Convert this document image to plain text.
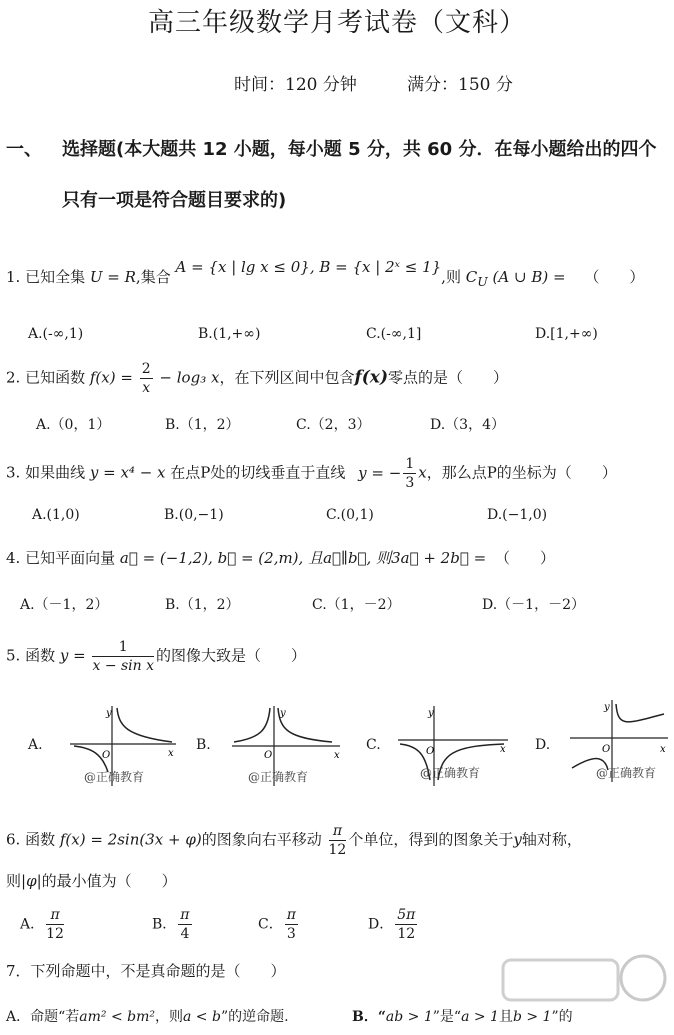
高三年级数学月考试卷（文科）
时间：120 分钟	满分：150 分
一、 选择题(本大题共 12 小题，每小题 5 分，共 60 分．在每小题给出的四个
只有一项是符合题目要求的)
1. 已知全集 U = R,集合 A = {x | lg x ≤ 0}, B = {x | 2ˣ ≤ 1},则 $C_U$ (A ∪ B) = （　　）
A.(-∞,1)	B.(1,+∞)	C.(-∞,1]	D.[1,+∞)
2. 已知函数 $f(x) = \frac{2}{x} - \log_3$ x，在下列区间中包含f(x)零点的是（　　）
A.（0，1）	B.（1，2）	C.（2，3）	D.（3，4）
3. 如果曲线 y = x⁴ − x 在点P处的切线垂直于直线 y = − $\frac{1}{3}$ x，那么点P的坐标为（　　）
A.(1,0)	B.(0,−1)	C.(0,1)	D.(−1,0)
4. 已知平面向量 a⃗ = (−1,2), b⃗ = (2,m), 且a⃗∥b⃗, 则3a⃗ + 2b⃗ = （　　）
A.（－1，2）	B.（1，2）	C.（1，－2）	D.（－1，－2）
5. 函数 $y = \frac{1}{\text{x − sin x}}$ 的图像大致是（　　）
A.
y
x
O
@正确教育
B.
y
x
O
@正确教育
C.
y
x
O
@正确教育
D.
y
x
O
@正确教育
6. 函数 f(x) = 2sin(3x + φ)的图象向右平移动 $\frac{\pi}{12}$ 个单位，得到的图象关于y轴对称，
则|φ|的最小值为（　　）
A． $\frac{\pi}{12}$	B． $\frac{\pi}{4}$	C． $\frac{\pi}{3}$	D． $\frac{5\pi}{12}$
7．下列命题中，不是真命题的是（　　）
A．命题“若am² < bm²，则a < b”的逆命题.	B．“ab > 1”是“a > 1且b > 1”的
